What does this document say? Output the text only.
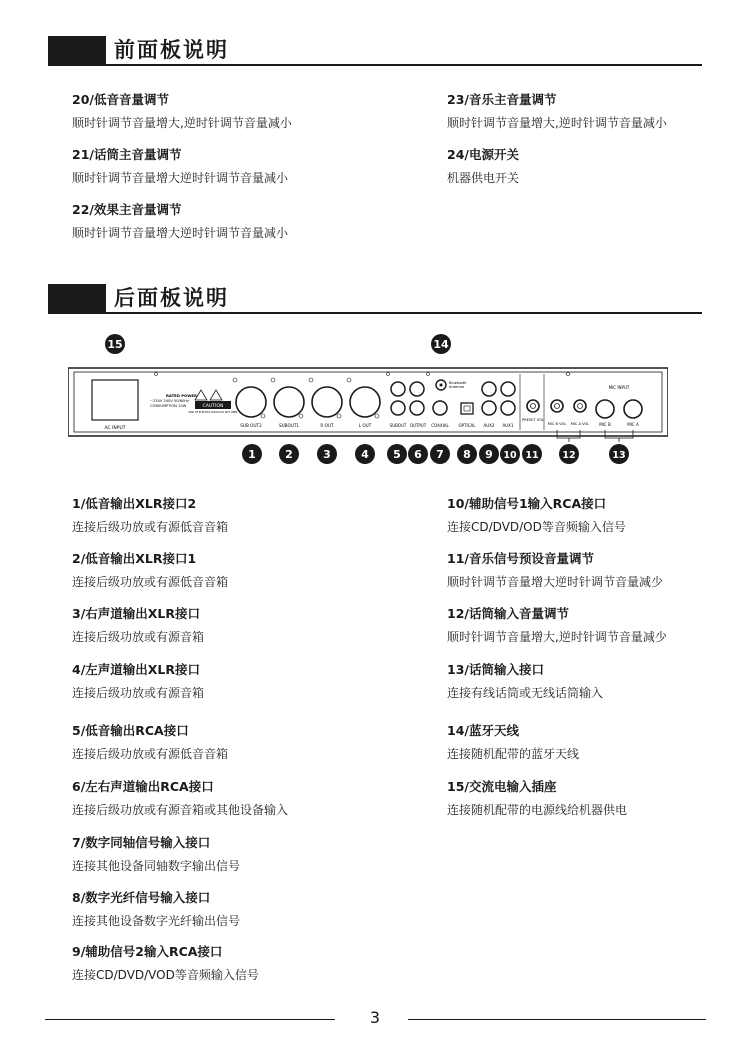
前面板说明
20/低音音量调节
顺时针调节音量增大,逆时针调节音量减小
21/话筒主音量调节
顺时针调节音量增大逆时针调节音量减小
22/效果主音量调节
顺时针调节音量增大逆时针调节音量减小
23/音乐主音量调节
顺时针调节音量增大,逆时针调节音量减小
24/电源开关
机器供电开关
后面板说明
AC INPUT
RATED POWER
~230V 240V 50/60Hz
CONSUMPTION 15W	CAUTION
RISK OF ELECTRIC SHOCK DO NOT OPEN
SUB OUT2	SUBOUT1	R OUT	L OUT	SUBOUT OUTPUT
Bluetooth
Antenna
COAXIAL OPTICAL AUX2 AUX1
PRESET VOL
MIC B VOL MIC A VOL
MIC INPUT
MIC B	MIC A
15	14
1	2	3	4 5 6 7 8 9 10 11	12	13
1/低音输出XLR接口2
连接后级功放或有源低音音箱
2/低音输出XLR接口1
连接后级功放或有源低音音箱
3/右声道输出XLR接口
连接后级功放或有源音箱
4/左声道输出XLR接口
连接后级功放或有源音箱
5/低音输出RCA接口
连接后级功放或有源低音音箱
6/左右声道输出RCA接口
连接后级功放或有源音箱或其他设备输入
7/数字同轴信号输入接口
连接其他设备同轴数字输出信号
8/数字光纤信号输入接口
连接其他设备数字光纤输出信号
9/辅助信号2输入RCA接口
连接CD/DVD/VOD等音频输入信号
10/辅助信号1输入RCA接口
连接CD/DVD/OD等音频输入信号
11/音乐信号预设音量调节
顺时针调节音量增大逆时针调节音量减少
12/话筒输入音量调节
顺时针调节音量增大,逆时针调节音量减少
13/话筒输入接口
连接有线话筒或无线话筒输入
14/蓝牙天线
连接随机配带的蓝牙天线
15/交流电输入插座
连接随机配带的电源线给机器供电
3
